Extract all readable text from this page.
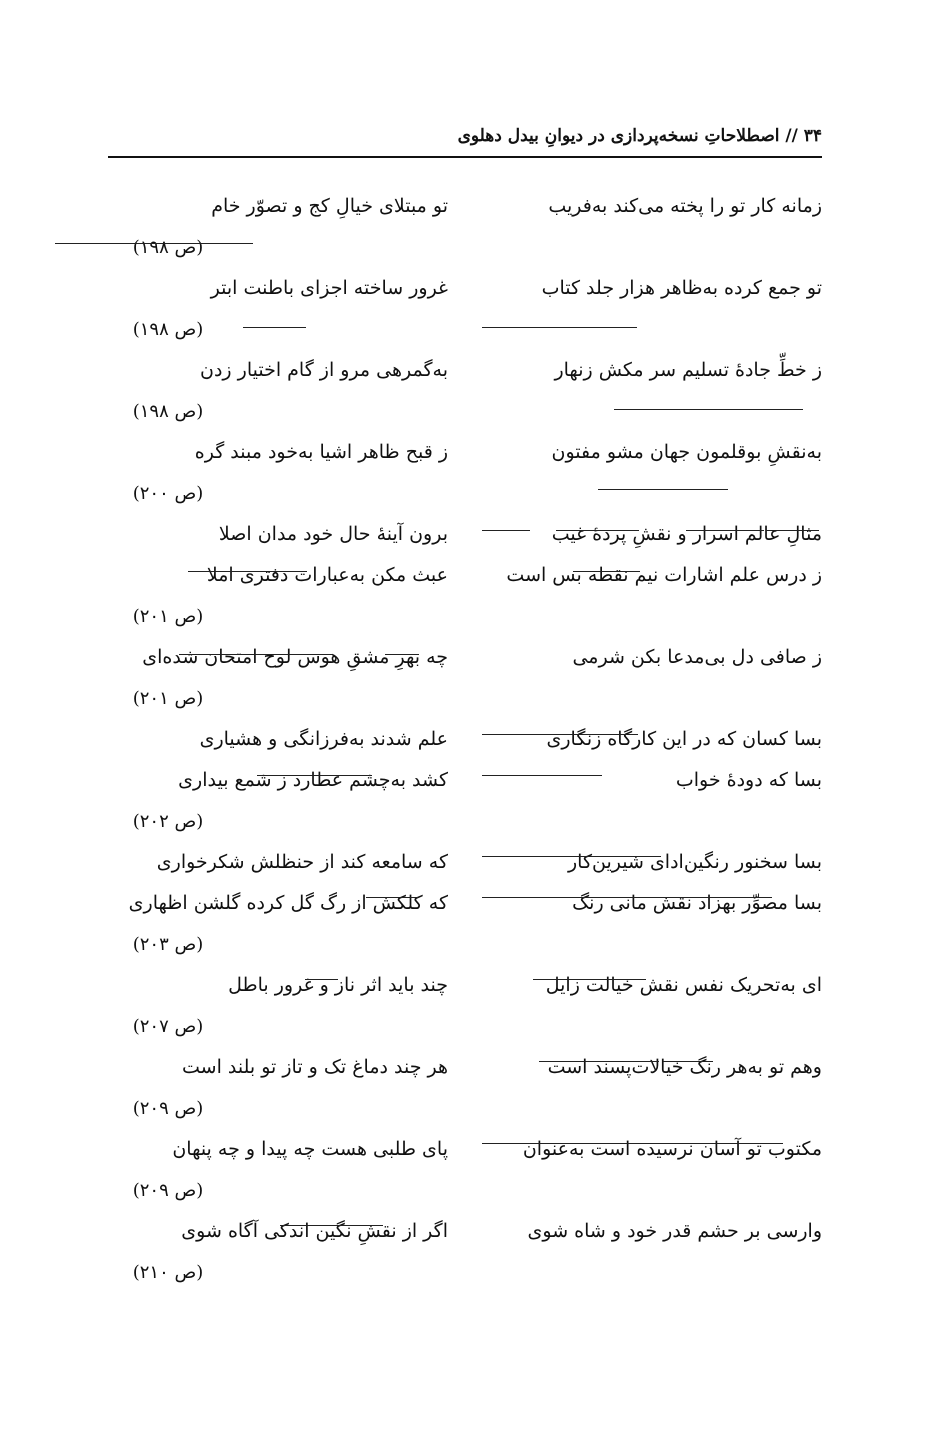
۳۴ // اصطلاحاتِ نسخه‌پردازی در دیوانِ بیدل دهلوی
زمانه کار تو را پخته می‌کند به‌فریب
تو مبتلای خیالِ کج و تصوّر خام
(ص ۱۹۸)
تو جمع کرده به‌ظاهر هزار جلد کتاب
غرور ساخته اجزای باطنت ابتر
(ص ۱۹۸)
ز خطِّ جادهٔ تسلیم سر مکش زنهار
به‌گمرهی مرو از گام اختیار زدن
(ص ۱۹۸)
به‌نقشِ بوقلمون جهان مشو مفتون
ز قبح ظاهر اشیا به‌خود مبند گره
(ص ۲۰۰)
مثالِ عالم اسرار و نقشِ پردهٔ غیب
برون آینهٔ حال خود مدان اصلا
ز درس علم اشارات نیم نقطه بس است
عبث مکن به‌عبارات دفتری املا
(ص ۲۰۱)
ز صافی دل بی‌مدعا بکن شرمی
چه بهرِ مشقِ هوس لوح امتحان شده‌ای
(ص ۲۰۱)
بسا کسان که در این کارگاه زنگاری
علم شدند به‌فرزانگی و هشیاری
بسا که دودهٔ خواب
کشد به‌چشم عطارد ز شمع بیداری
(ص ۲۰۲)
بسا سخنور رنگین‌ادای شیرین‌کار
که سامعه کند از حنظلش شکرخواری
بسا مصوِّر بهزاد نقش مانی رنگ
که کلکش از رگ گل کرده گلشن اظهاری
(ص ۲۰۳)
ای به‌تحریک نفس نقش خیالت زایل
چند باید اثر ناز و غرور باطل
(ص ۲۰۷)
وهم تو به‌هر رنگ خیالات‌پسند است
هر چند دماغ تک و تاز تو بلند است
(ص ۲۰۹)
مکتوب تو آسان نرسیده است به‌عنوان
پای طلبی هست چه پیدا و چه پنهان
(ص ۲۰۹)
وارسی بر حشم قدر خود و شاه شوی
اگر از نقشِ نگین اندکی آگاه شوی
(ص ۲۱۰)
